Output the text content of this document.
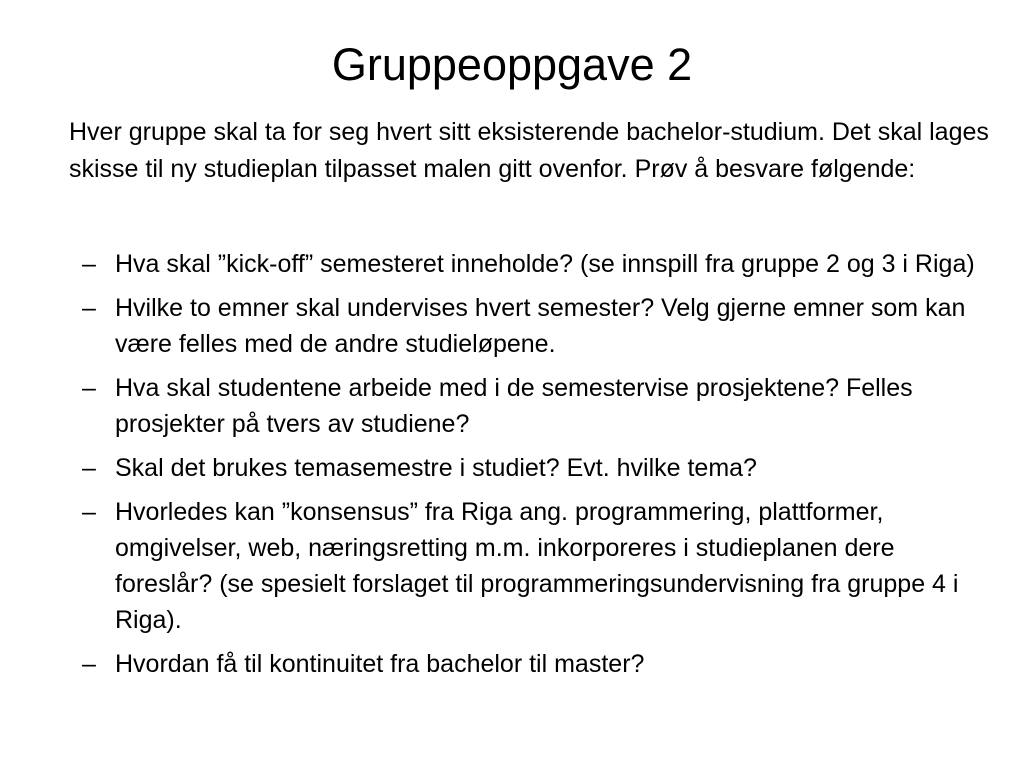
Gruppeoppgave 2

Hver gruppe skal ta for seg hvert sitt eksisterende bachelor-studium. Det skal lages skisse til ny studieplan tilpasset malen gitt ovenfor. Prøv å besvare følgende:

– Hva skal ”kick-off” semesteret inneholde? (se innspill fra gruppe 2 og 3 i Riga)
– Hvilke to emner skal undervises hvert semester? Velg gjerne emner som kan være felles med de andre studieløpene.
– Hva skal studentene arbeide med i de semestervise prosjektene? Felles prosjekter på tvers av studiene?
– Skal det brukes temasemestre i studiet? Evt. hvilke tema?
– Hvorledes kan ”konsensus” fra Riga ang. programmering, plattformer, omgivelser, web, næringsretting m.m. inkorporeres i studieplanen dere foreslår? (se spesielt forslaget til programmeringsundervisning fra gruppe 4 i Riga).
– Hvordan få til kontinuitet fra bachelor til master?
